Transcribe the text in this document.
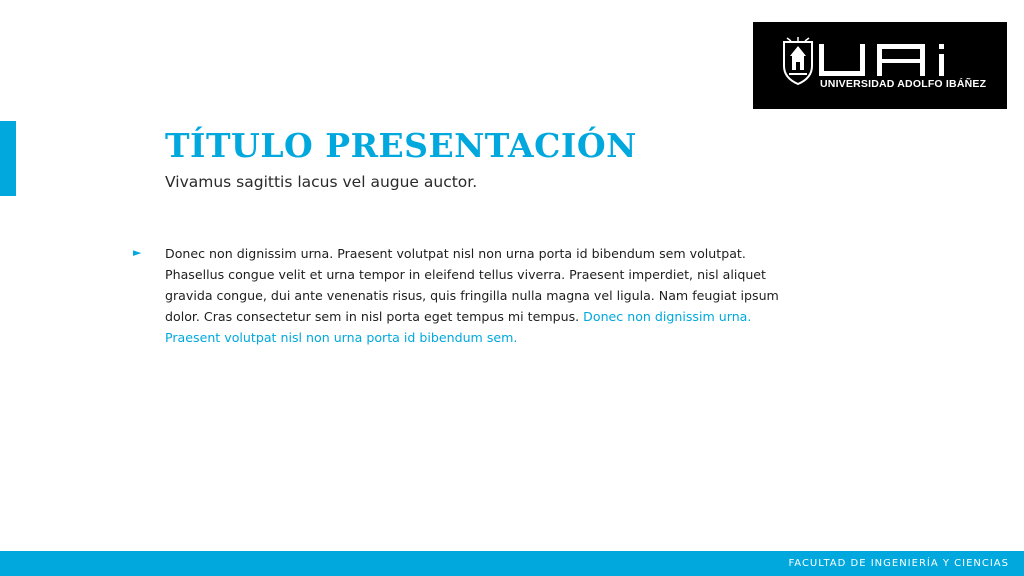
UNIVERSIDAD ADOLFO IBÁÑEZ
TÍTULO PRESENTACIÓN

Vivamus sagittis lacus vel augue auctor.

►	Donec non dignissim urna. Praesent volutpat nisl non urna porta id bibendum sem volutpat. Phasellus congue velit et urna tempor in eleifend tellus viverra. Praesent imperdiet, nisl aliquet gravida congue, dui ante venenatis risus, quis fringilla nulla magna vel ligula. Nam feugiat ipsum dolor. Cras consectetur sem in nisl porta eget tempus mi tempus. Donec non dignissim urna. Praesent volutpat nisl non urna porta id bibendum sem.

FACULTAD DE INGENIERÍA Y CIENCIAS
